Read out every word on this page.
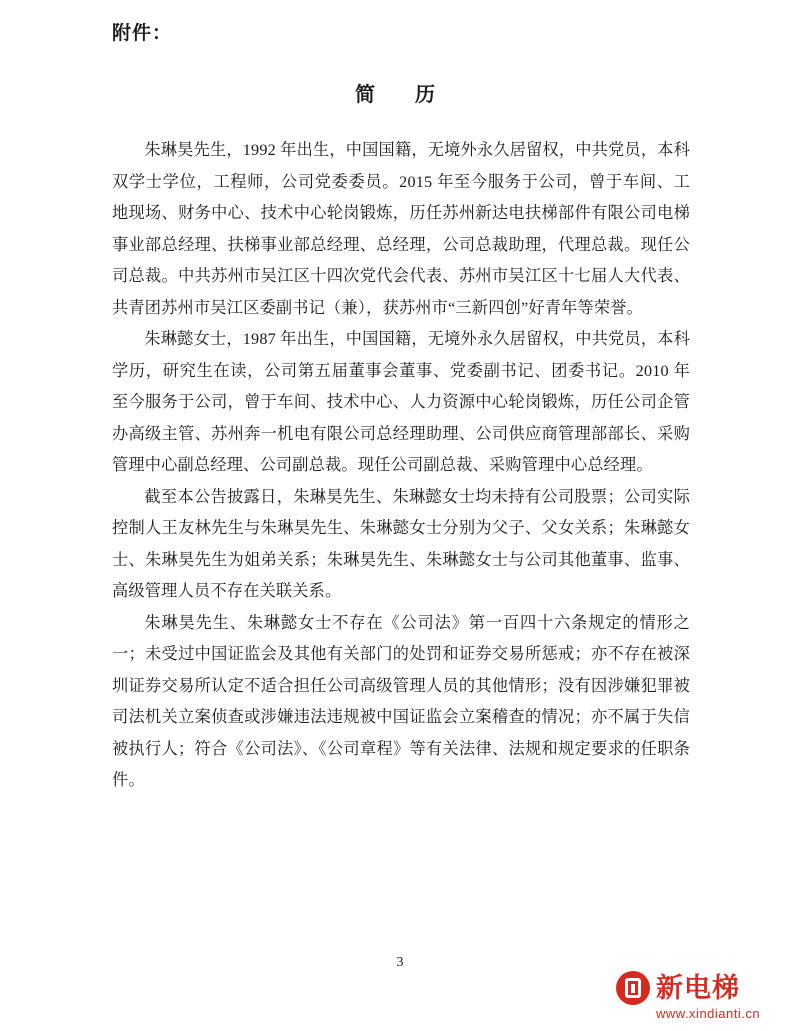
附件：
简　历

朱琳昊先生，1992 年出生，中国国籍，无境外永久居留权，中共党员，本科双学士学位，工程师，公司党委委员。2015 年至今服务于公司，曾于车间、工地现场、财务中心、技术中心轮岗锻炼，历任苏州新达电扶梯部件有限公司电梯事业部总经理、扶梯事业部总经理、总经理，公司总裁助理，代理总裁。现任公司总裁。中共苏州市吴江区十四次党代会代表、苏州市吴江区十七届人大代表、共青团苏州市吴江区委副书记（兼），获苏州市“三新四创”好青年等荣誉。

朱琳懿女士，1987 年出生，中国国籍，无境外永久居留权，中共党员，本科学历，研究生在读，公司第五届董事会董事、党委副书记、团委书记。2010 年至今服务于公司，曾于车间、技术中心、人力资源中心轮岗锻炼，历任公司企管办高级主管、苏州奔一机电有限公司总经理助理、公司供应商管理部部长、采购管理中心副总经理、公司副总裁。现任公司副总裁、采购管理中心总经理。

截至本公告披露日，朱琳昊先生、朱琳懿女士均未持有公司股票；公司实际控制人王友林先生与朱琳昊先生、朱琳懿女士分别为父子、父女关系；朱琳懿女士、朱琳昊先生为姐弟关系；朱琳昊先生、朱琳懿女士与公司其他董事、监事、高级管理人员不存在关联关系。

朱琳昊先生、朱琳懿女士不存在《公司法》第一百四十六条规定的情形之一；未受过中国证监会及其他有关部门的处罚和证券交易所惩戒；亦不存在被深圳证券交易所认定不适合担任公司高级管理人员的其他情形；没有因涉嫌犯罪被司法机关立案侦查或涉嫌违法违规被中国证监会立案稽查的情况；亦不属于失信被执行人；符合《公司法》、《公司章程》等有关法律、法规和规定要求的任职条件。

3
新电梯
www.xindianti.cn
